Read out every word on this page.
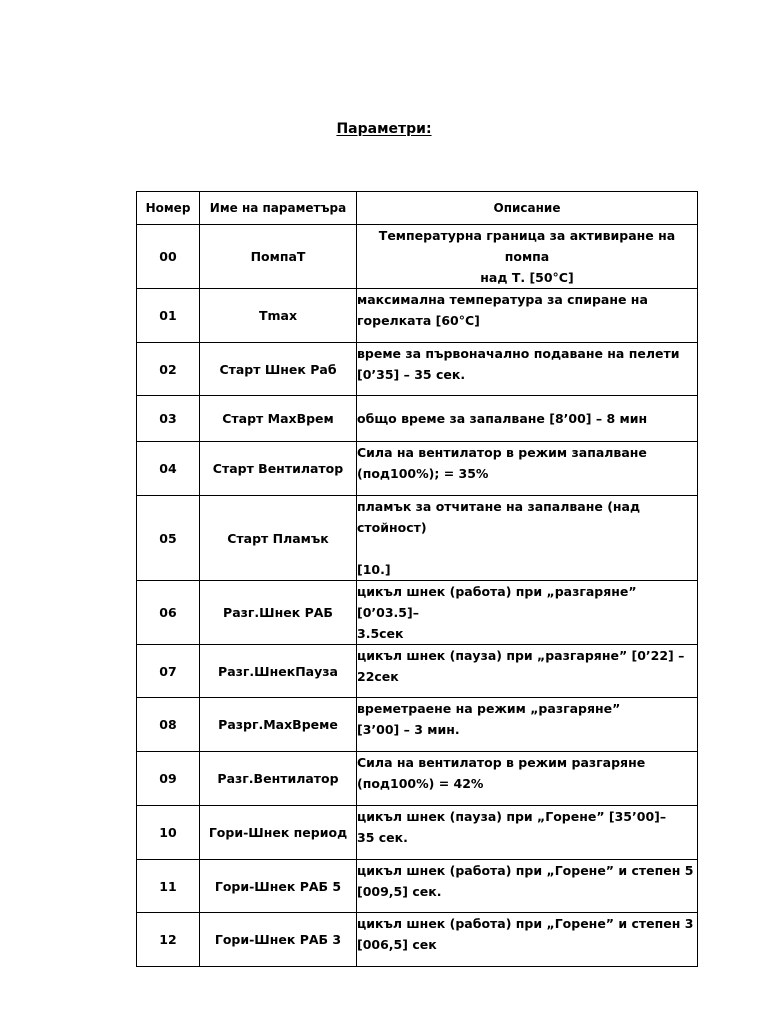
Параметри:
Номер	Име на параметъра	Описание
00	ПомпаТ	Температурна граница за активиране на помпа
над Т. [50°C]
01	Tmax	максимална температура за спиране на
горелката [60°C]
02	Старт Шнек Раб	време за първоначално подаване на пелети
[0’35] – 35 сек.
03	Старт MaxВрем	общо време за запалване [8’00] – 8 мин
04	Старт Вентилатор	Сила на вентилатор в режим запалване
(под100%); = 35%
05	Старт Пламък	пламък за отчитане на запалване (над стойност)

[10.]
06	Разг.Шнек РАБ	цикъл шнек (работа) при „разгаряне” [0’03.5]–
3.5сек
07	Разг.ШнекПауза	цикъл шнек (пауза) при „разгаряне” [0’22] –
22сек
08	Разрг.MaxВреме	времетраене на режим „разгаряне”
[3’00] – 3 мин.
09	Разг.Вентилатор	Сила на вентилатор в режим разгаряне
(под100%) = 42%
10	Гори-Шнек период	цикъл шнек (пауза) при „Горене” [35’00]–
35 сек.
11	Гори-Шнек РАБ 5	цикъл шнек (работа) при „Горене” и степен 5
[009,5] сек.
12	Гори-Шнек РАБ 3	цикъл шнек (работа) при „Горене” и степен 3
[006,5] сек
